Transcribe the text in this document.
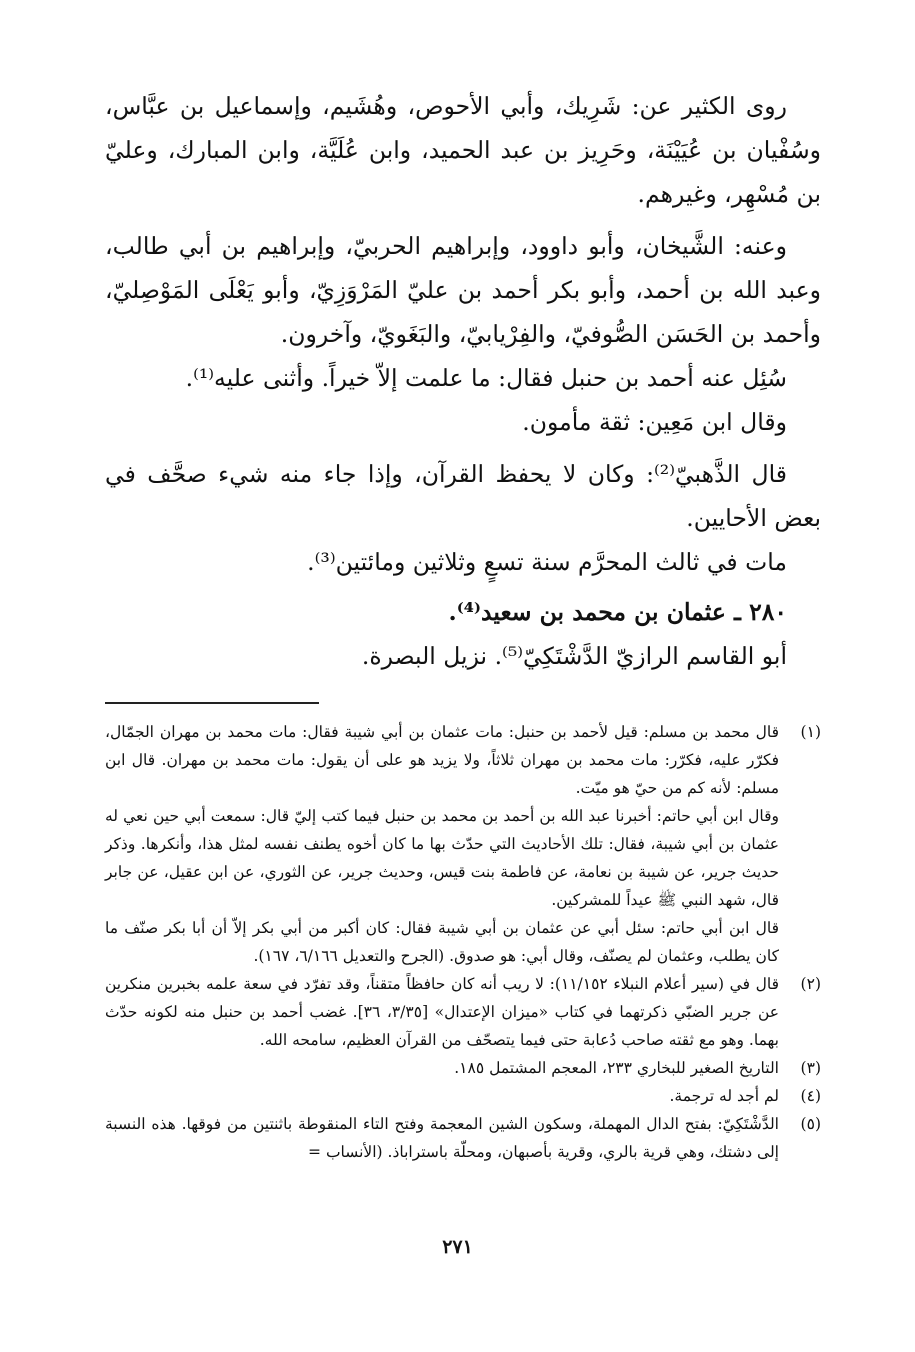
روى الكثير عن: شَرِيك، وأبي الأحوص، وهُشَيم، وإسماعيل بن عبَّاس، وسُفْيان بن عُيَيْنَة، وحَرِيز بن عبد الحميد، وابن عُلَيَّة، وابن المبارك، وعليّ بن مُسْهِر، وغيرهم.

وعنه: الشَّيخان، وأبو داوود، وإبراهيم الحربيّ، وإبراهيم بن أبي طالب، وعبد الله بن أحمد، وأبو بكر أحمد بن عليّ المَرْوَزِيّ، وأبو يَعْلَى المَوْصِليّ، وأحمد بن الحَسَن الصُّوفيّ، والفِرْيابيّ، والبَغَويّ، وآخرون.

سُئِل عنه أحمد بن حنبل فقال: ما علمت إلاّ خيراً. وأثنى عليه⁽¹⁾.

وقال ابن مَعِين: ثقة مأمون.

قال الذَّهبيّ⁽²⁾: وكان لا يحفظ القرآن، وإذا جاء منه شيء صحَّف في بعض الأحايين.

مات في ثالث المحرَّم سنة تسعٍ وثلاثين ومائتين⁽³⁾.

٢٨٠ ـ عثمان بن محمد بن سعيد⁽⁴⁾.

أبو القاسم الرازيّ الدَّشْتَكِيّ⁽⁵⁾. نزيل البصرة.

(١)

قال محمد بن مسلم: قيل لأحمد بن حنبل: مات عثمان بن أبي شيبة فقال: مات محمد بن مهران الجمّال، فكرّر عليه، فكرّر: مات محمد بن مهران ثلاثاً، ولا يزيد هو على أن يقول: مات محمد بن مهران. قال ابن مسلم: لأنه كم من حيّ هو ميّت.

وقال ابن أبي حاتم: أخبرنا عبد الله بن أحمد بن محمد بن حنبل فيما كتب إليّ قال: سمعت أبي حين نعي له عثمان بن أبي شيبة، فقال: تلك الأحاديث التي حدّث بها ما كان أخوه يطنف نفسه لمثل هذا، وأنكرها. وذكر حديث جرير، عن شيبة بن نعامة، عن فاطمة بنت قيس، وحديث جرير، عن الثوري، عن ابن عقيل، عن جابر قال، شهد النبي ﷺ عيداً للمشركين.

قال ابن أبي حاتم: سئل أبي عن عثمان بن أبي شيبة فقال: كان أكبر من أبي بكر إلاّ أن أبا بكر صنّف ما كان يطلب، وعثمان لم يصنّف، وقال أبي: هو صدوق. (الجرح والتعديل ٦/١٦٦، ١٦٧).

(٢)
قال في (سير أعلام النبلاء ١١/١٥٢): لا ريب أنه كان حافظاً متقناً، وقد تفرّد في سعة علمه بخبرين منكرين عن جرير الضبّي ذكرتهما في كتاب «ميزان الإعتدال» [٣/٣٥، ٣٦]. غضب أحمد بن حنبل منه لكونه حدّث بهما. وهو مع ثقته صاحب دُعابة حتى فيما يتصحّف من القرآن العظيم، سامحه الله.
(٣)
التاريخ الصغير للبخاري ٢٣٣، المعجم المشتمل ١٨٥.
(٤)
لم أجد له ترجمة.
(٥)
الدَّشْتَكِيّ: بفتح الدال المهملة، وسكون الشين المعجمة وفتح التاء المنقوطة باثنتين من فوقها. هذه النسبة إلى دشتك، وهي قرية بالري، وقرية بأصبهان، ومحلّة باستراباذ. (الأنساب =
٢٧١
